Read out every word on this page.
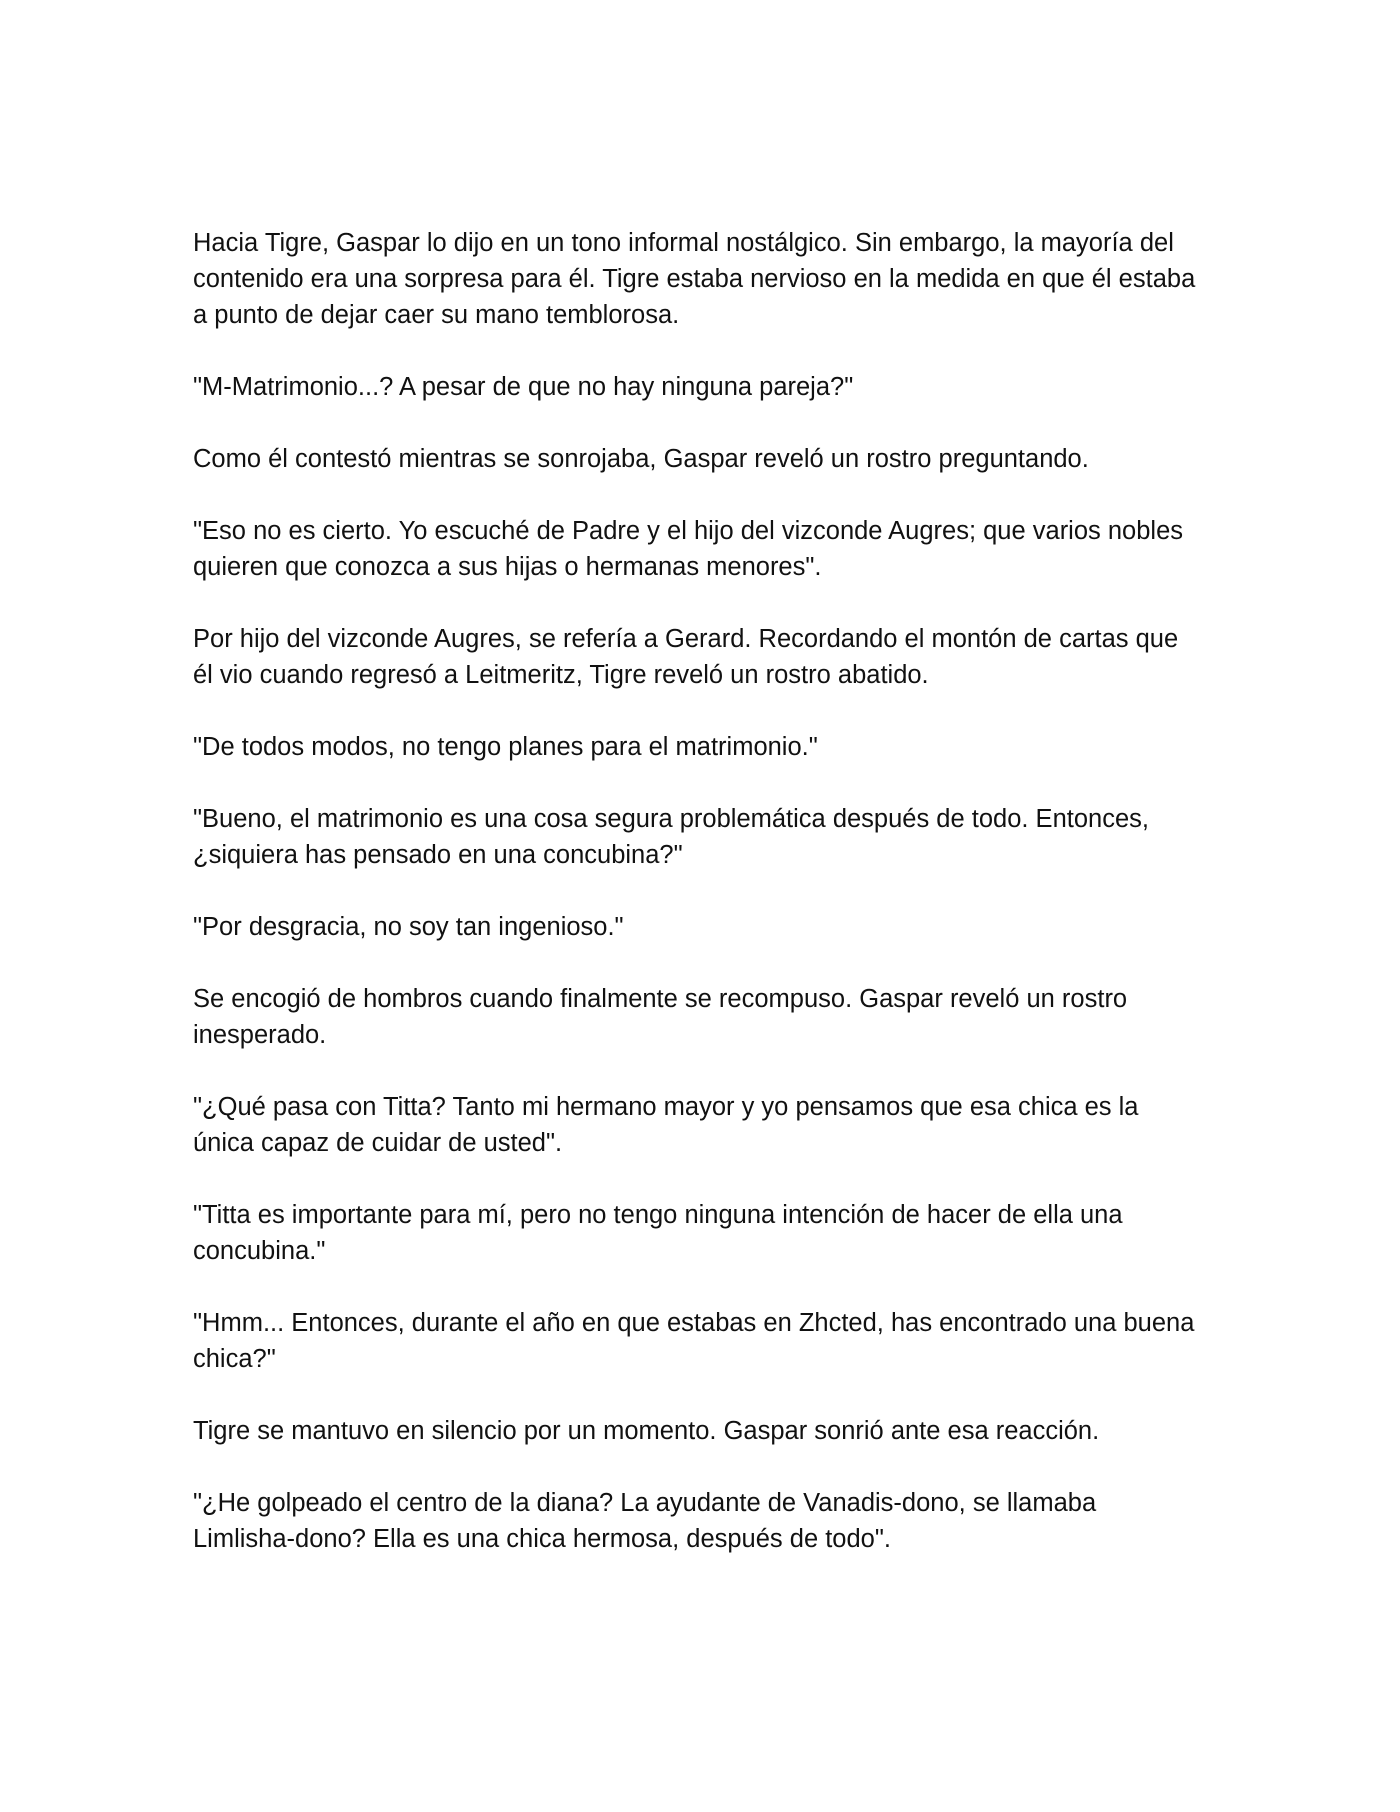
Hacia Tigre, Gaspar lo dijo en un tono informal nostálgico. Sin embargo, la mayoría del contenido era una sorpresa para él. Tigre estaba nervioso en la medida en que él estaba a punto de dejar caer su mano temblorosa.

"M-Matrimonio...? A pesar de que no hay ninguna pareja?"

Como él contestó mientras se sonrojaba, Gaspar reveló un rostro preguntando.

"Eso no es cierto. Yo escuché de Padre y el hijo del vizconde Augres; que varios nobles quieren que conozca a sus hijas o hermanas menores".

Por hijo del vizconde Augres, se refería a Gerard. Recordando el montón de cartas que él vio cuando regresó a Leitmeritz, Tigre reveló un rostro abatido.

"De todos modos, no tengo planes para el matrimonio."

"Bueno, el matrimonio es una cosa segura problemática después de todo. Entonces, ¿siquiera has pensado en una concubina?"

"Por desgracia, no soy tan ingenioso."

Se encogió de hombros cuando finalmente se recompuso. Gaspar reveló un rostro inesperado.

"¿Qué pasa con Titta? Tanto mi hermano mayor y yo pensamos que esa chica es la única capaz de cuidar de usted".

"Titta es importante para mí, pero no tengo ninguna intención de hacer de ella una concubina."

"Hmm... Entonces, durante el año en que estabas en Zhcted, has encontrado una buena chica?"

Tigre se mantuvo en silencio por un momento. Gaspar sonrió ante esa reacción.

"¿He golpeado el centro de la diana? La ayudante de Vanadis-dono, se llamaba Limlisha-dono? Ella es una chica hermosa, después de todo".
